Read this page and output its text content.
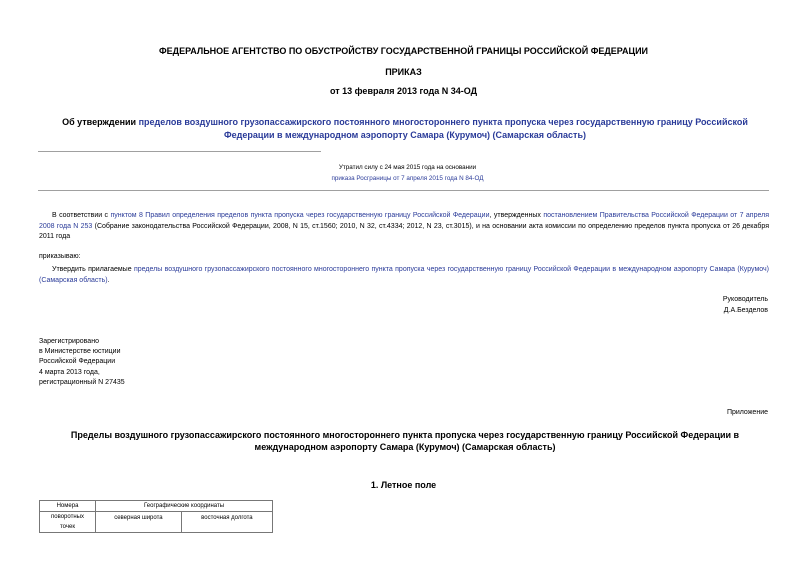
ФЕДЕРАЛЬНОЕ АГЕНТСТВО ПО ОБУСТРОЙСТВУ ГОСУДАРСТВЕННОЙ ГРАНИЦЫ РОССИЙСКОЙ ФЕДЕРАЦИИ
ПРИКАЗ
от 13 февраля 2013 года N 34-ОД
Об утверждении пределов воздушного грузопассажирского постоянного многостороннего пункта пропуска через государственную границу Российской Федерации в международном аэропорту Самара (Курумоч) (Самарская область)
Утратил силу с 24 мая 2015 года на основании
приказа Росграницы от 7 апреля 2015 года N 84-ОД
В соответствии с пунктом 8 Правил определения пределов пункта пропуска через государственную границу Российской Федерации, утвержденных постановлением Правительства Российской Федерации от 7 апреля 2008 года N 253 (Собрание законодательства Российской Федерации, 2008, N 15, ст.1560; 2010, N 32, ст.4334; 2012, N 23, ст.3015), и на основании акта комиссии по определению пределов пункта пропуска от 26 декабря 2011 года
приказываю:
Утвердить прилагаемые пределы воздушного грузопассажирского постоянного многостороннего пункта пропуска через государственную границу Российской Федерации в международном аэропорту Самара (Курумоч) (Самарская область).
Руководитель
Д.А.Безделов
Зарегистрировано
в Министерстве юстиции
Российской Федерации
4 марта 2013 года,
регистрационный N 27435
Приложение
Пределы воздушного грузопассажирского постоянного многостороннего пункта пропуска через государственную границу Российской Федерации в международном аэропорту Самара (Курумоч) (Самарская область)
1. Летное поле
Номера	Географические координаты	

поворотных
точек	северная широта	восточная долгота
